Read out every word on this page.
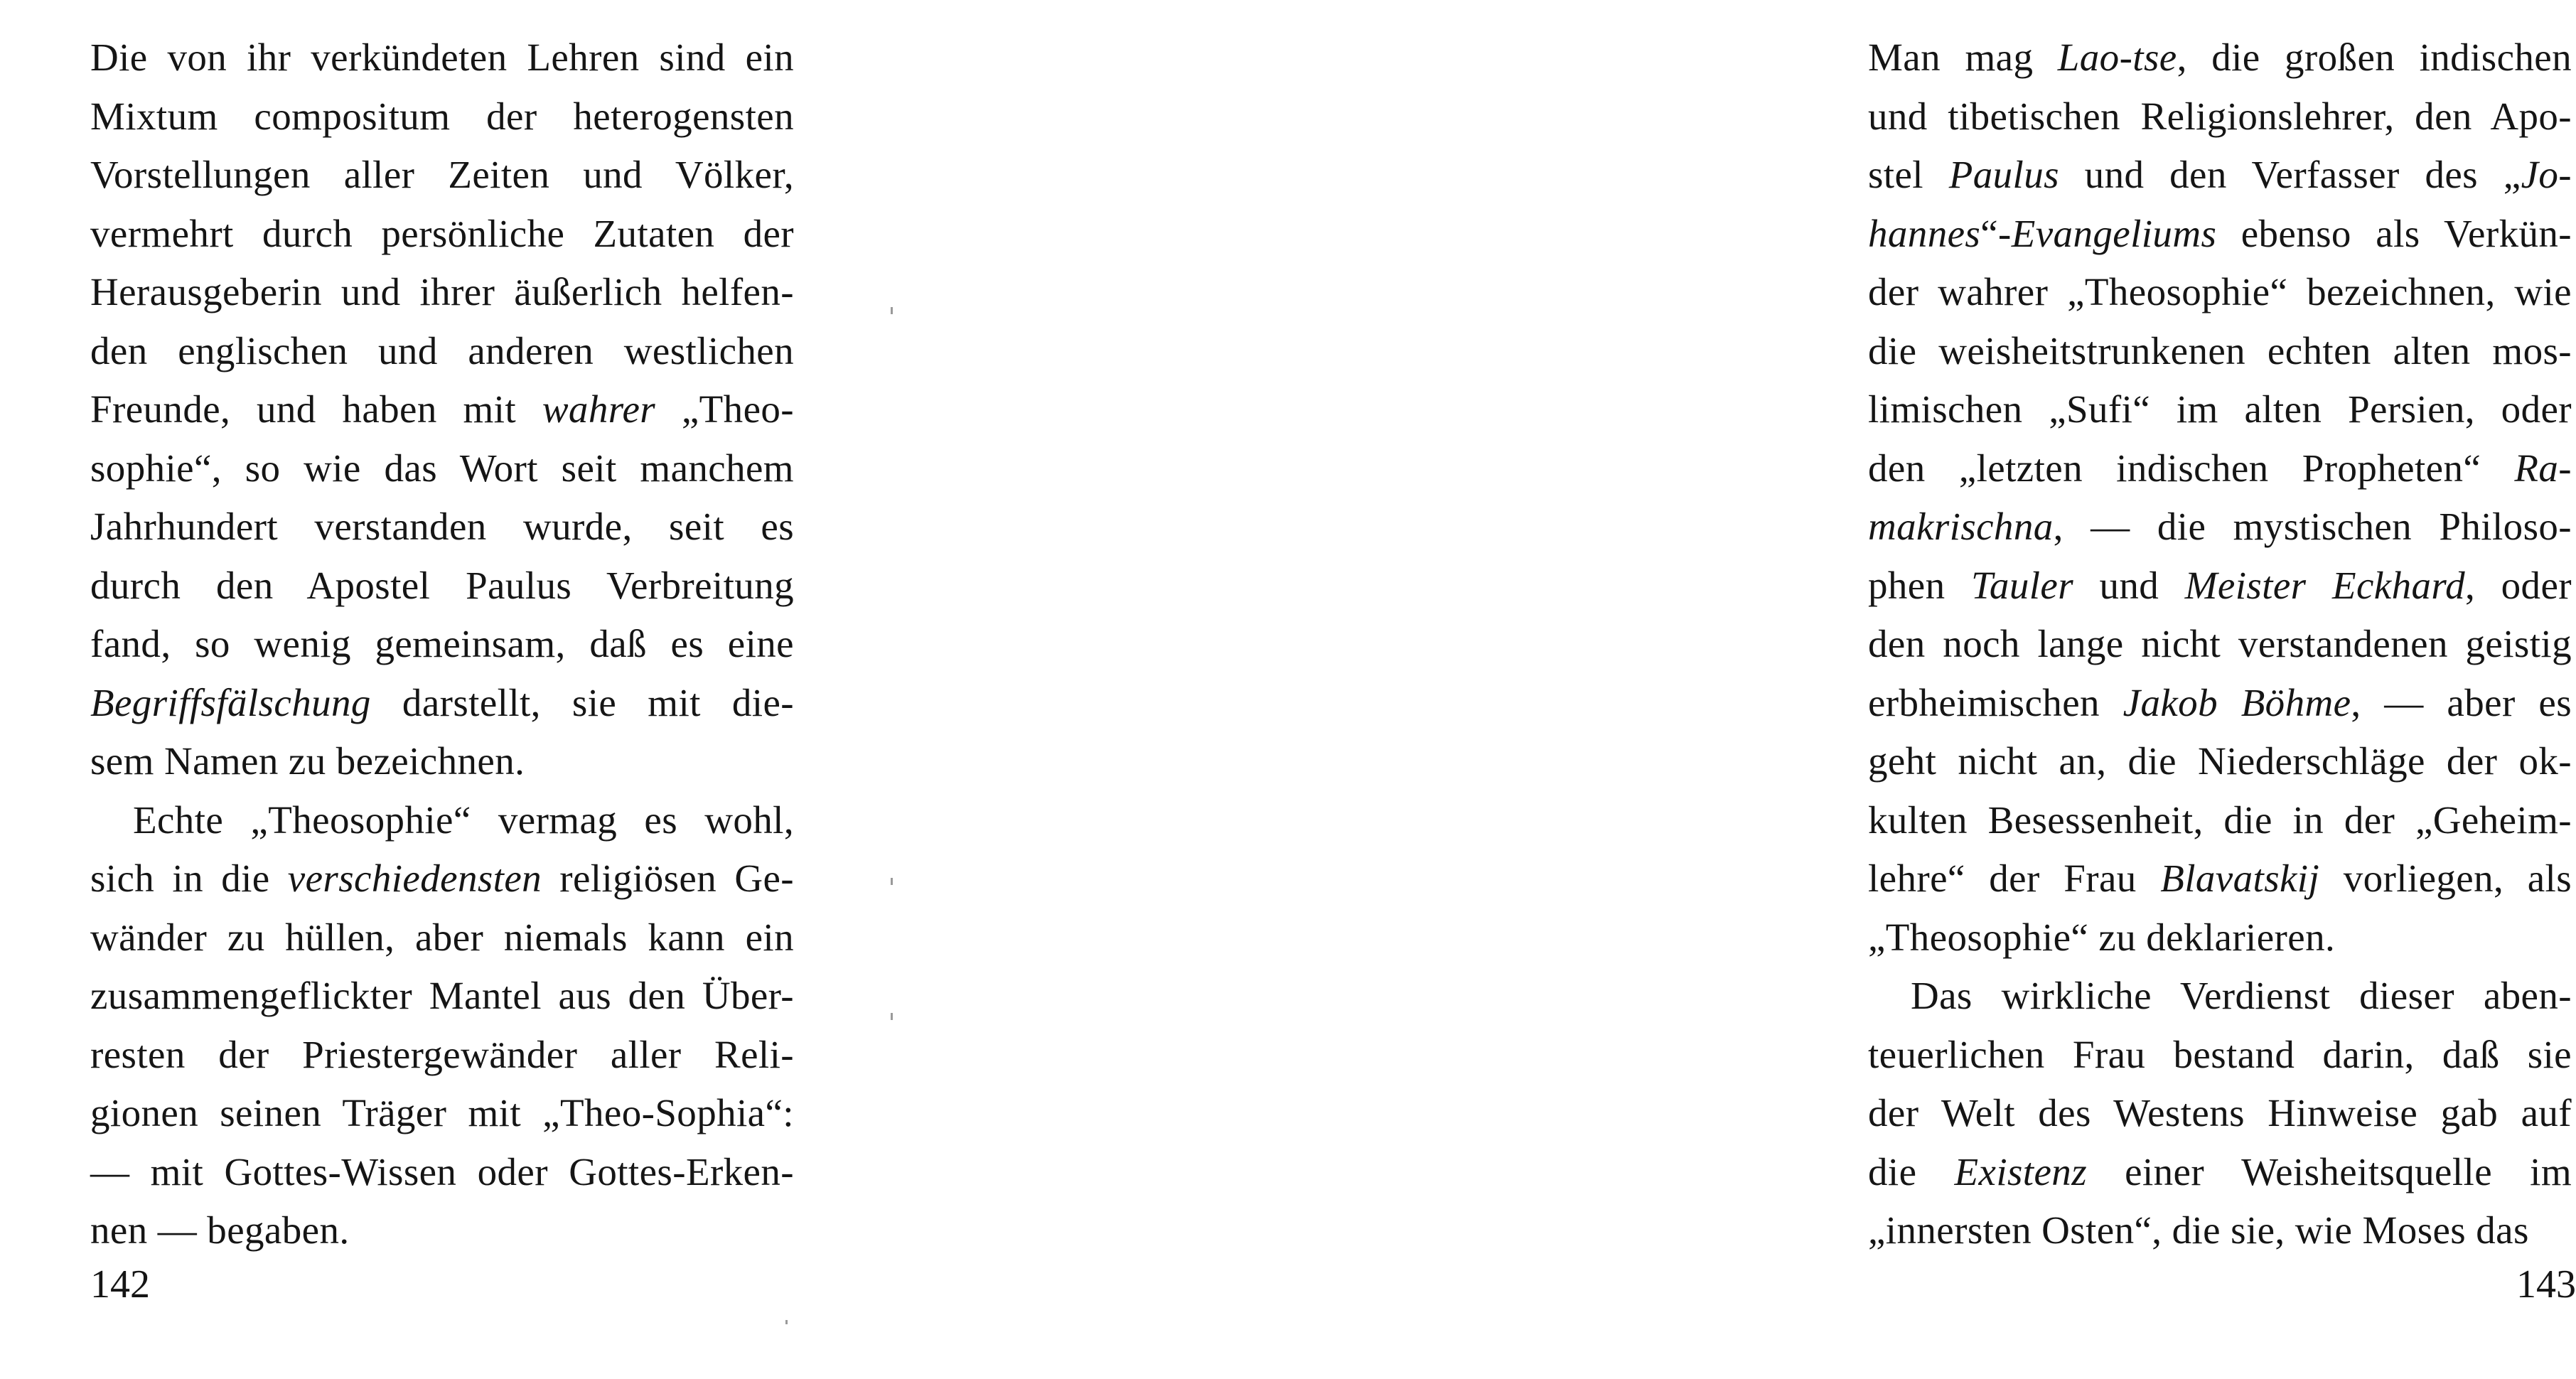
Die von ihr verkündeten Lehren sind ein
Mixtum compositum der heterogensten
Vorstellungen aller Zeiten und Völker,
vermehrt durch persönliche Zutaten der
Herausgeberin und ihrer äußerlich helfen-
den englischen und anderen westlichen
Freunde, und haben mit wahrer „Theo-
sophie“, so wie das Wort seit manchem
Jahrhundert verstanden wurde, seit es
durch den Apostel Paulus Verbreitung
fand, so wenig gemeinsam, daß es eine
Begriffsfälschung darstellt, sie mit die-
sem Namen zu bezeichnen.
Echte „Theosophie“ vermag es wohl,
sich in die verschiedensten religiösen Ge-
wänder zu hüllen, aber niemals kann ein
zusammengeflickter Mantel aus den Über-
resten der Priestergewänder aller Reli-
gionen seinen Träger mit „Theo-Sophia“:
— mit Gottes-Wissen oder Gottes-Erken-
nen — begaben.
142
Man mag Lao-tse, die großen indischen
und tibetischen Religionslehrer, den Apo-
stel Paulus und den Verfasser des „Jo-
hannes“-Evangeliums ebenso als Verkün-
der wahrer „Theosophie“ bezeichnen, wie
die weisheitstrunkenen echten alten mos-
limischen „Sufi“ im alten Persien, oder
den „letzten indischen Propheten“ Ra-
makrischna, — die mystischen Philoso-
phen Tauler und Meister Eckhard, oder
den noch lange nicht verstandenen geistig
erbheimischen Jakob Böhme, — aber es
geht nicht an, die Niederschläge der ok-
kulten Besessenheit, die in der „Geheim-
lehre“ der Frau Blavatskij vorliegen, als
„Theosophie“ zu deklarieren.
Das wirkliche Verdienst dieser aben-
teuerlichen Frau bestand darin, daß sie
der Welt des Westens Hinweise gab auf
die Existenz einer Weisheitsquelle im
„innersten Osten“, die sie, wie Moses das
143
